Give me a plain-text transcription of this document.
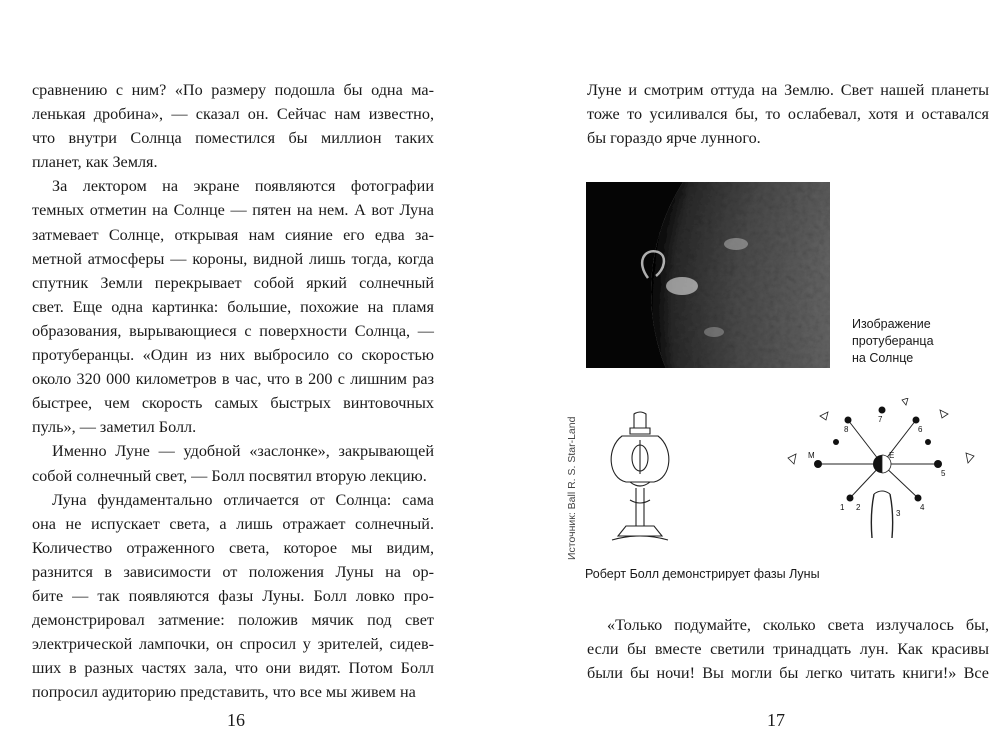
сравнению с ним? «По размеру подошла бы одна ма-
ленькая дробина», — сказал он. Сейчас нам известно,
что внутри Солнца поместился бы миллион таких
планет, как Земля.

За лектором на экране появляются фотографии
темных отметин на Солнце — пятен на нем. А вот Луна
затмевает Солнце, открывая нам сияние его едва за-
метной атмосферы — короны, видной лишь тогда, когда
спутник Земли перекрывает собой яркий солнечный
свет. Еще одна картинка: большие, похожие на пламя
образования, вырывающиеся с поверхности Солнца, —
протуберанцы. «Один из них выбросило со скоростью
около 320 000 километров в час, что в 200 с лишним раз
быстрее, чем скорость самых быстрых винтовочных
пуль», — заметил Болл.

Именно Луне — удобной «заслонке», закрывающей
собой солнечный свет, — Болл посвятил вторую лекцию.

Луна фундаментально отличается от Солнца: сама
она не испускает света, а лишь отражает солнечный.
Количество отраженного света, которое мы видим,
разнится в зависимости от положения Луны на ор-
бите — так появляются фазы Луны. Болл ловко про-
демонстрировал затмение: положив мячик под свет
электрической лампочки, он спросил у зрителей, сидев-
ших в разных частях зала, что они видят. Потом Болл
попросил аудиторию представить, что все мы живем на

16

Луне и смотрим оттуда на Землю. Свет нашей планеты
тоже то усиливался бы, то ослабевал, хотя и оставался
бы гораздо ярче лунного.

Изображение
протуберанца
на Солнце
Источник: Ball R. S. Star-Land	M	E
8
7
6
5
4
3
2
1
Роберт Болл демонстрирует фазы Луны

«Только подумайте, сколько света излучалось бы,
если бы вместе светили тринадцать лун. Как красивы
были бы ночи! Вы могли бы легко читать книги!» Все

17
